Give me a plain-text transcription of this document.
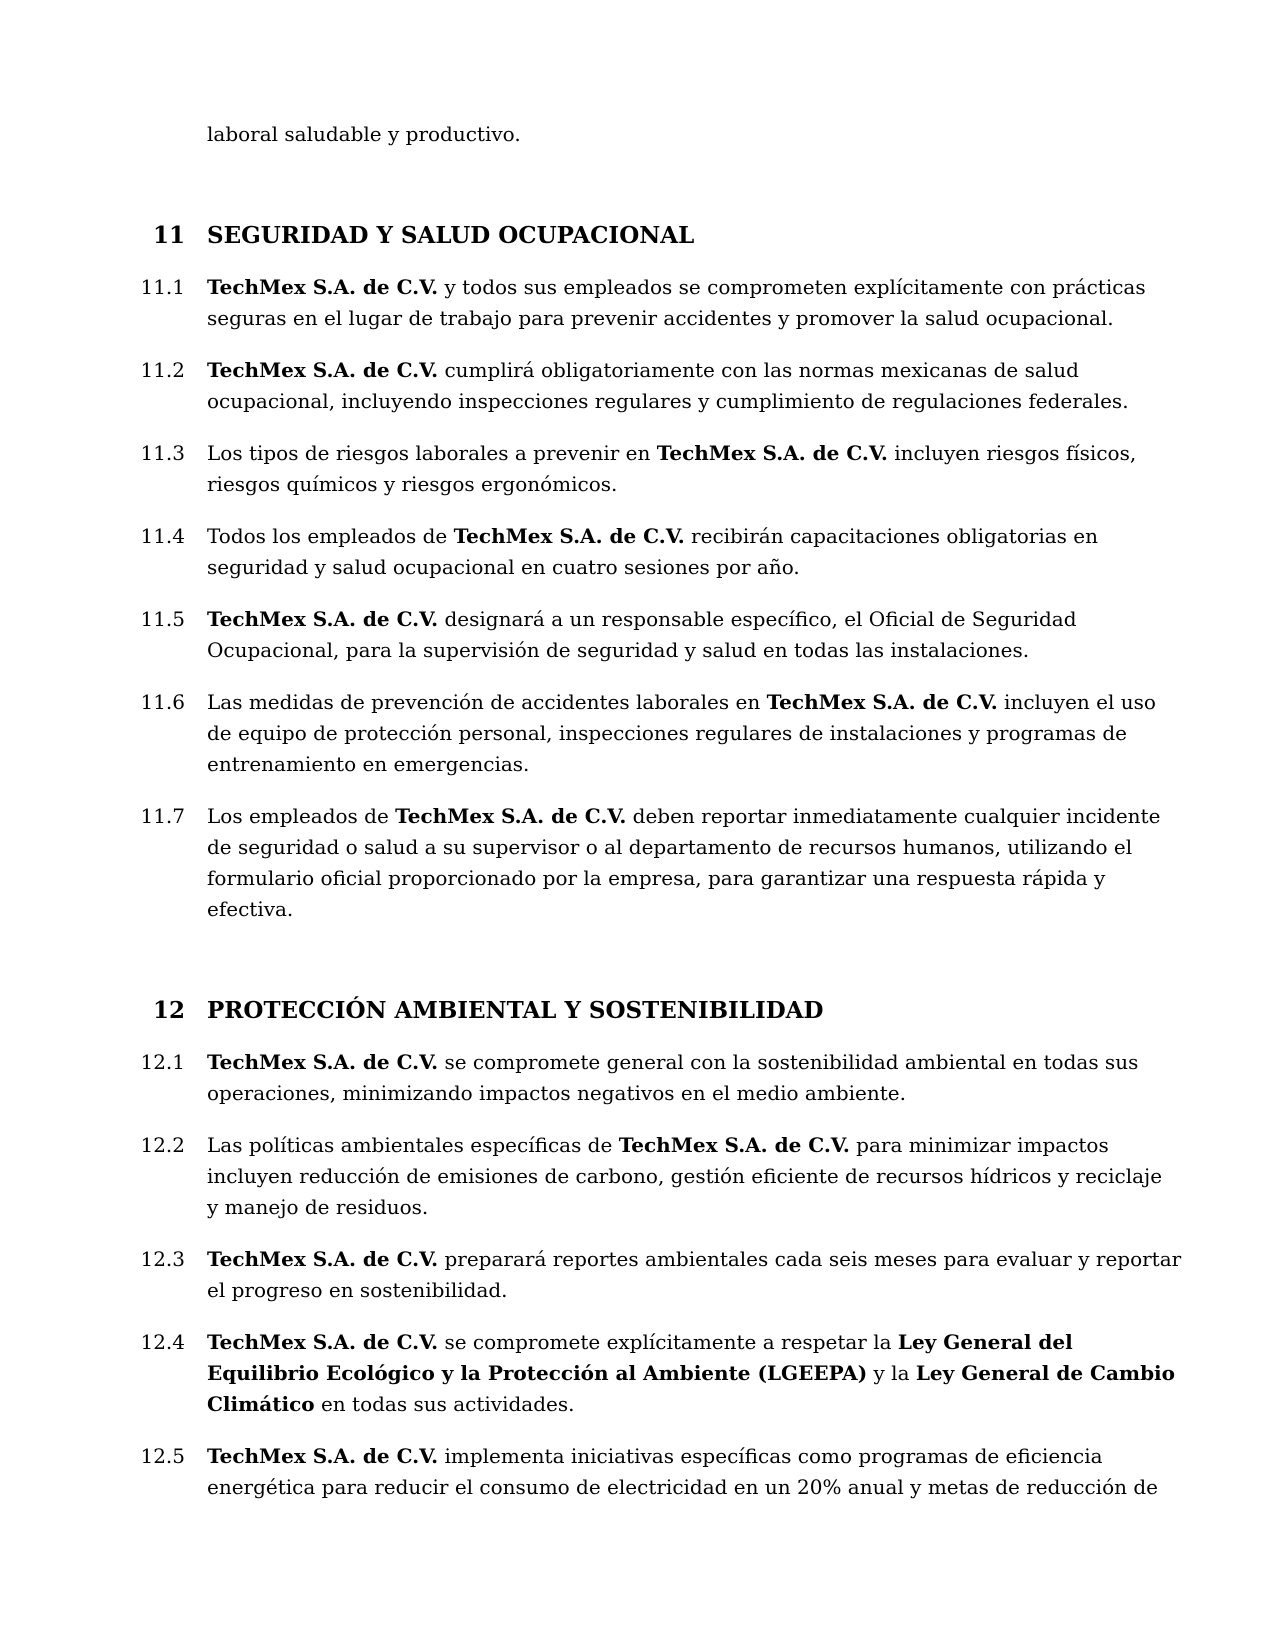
laboral saludable y productivo.
11 SEGURIDAD Y SALUD OCUPACIONAL
11.1 TechMex S.A. de C.V. y todos sus empleados se comprometen explícitamente con prácticas
seguras en el lugar de trabajo para prevenir accidentes y promover la salud ocupacional.
11.2 TechMex S.A. de C.V. cumplirá obligatoriamente con las normas mexicanas de salud
ocupacional, incluyendo inspecciones regulares y cumplimiento de regulaciones federales.
11.3 Los tipos de riesgos laborales a prevenir en TechMex S.A. de C.V. incluyen riesgos físicos,
riesgos químicos y riesgos ergonómicos.
11.4 Todos los empleados de TechMex S.A. de C.V. recibirán capacitaciones obligatorias en
seguridad y salud ocupacional en cuatro sesiones por año.
11.5 TechMex S.A. de C.V. designará a un responsable específico, el Oficial de Seguridad
Ocupacional, para la supervisión de seguridad y salud en todas las instalaciones.
11.6 Las medidas de prevención de accidentes laborales en TechMex S.A. de C.V. incluyen el uso
de equipo de protección personal, inspecciones regulares de instalaciones y programas de
entrenamiento en emergencias.
11.7 Los empleados de TechMex S.A. de C.V. deben reportar inmediatamente cualquier incidente
de seguridad o salud a su supervisor o al departamento de recursos humanos, utilizando el
formulario oficial proporcionado por la empresa, para garantizar una respuesta rápida y
efectiva.
12 PROTECCIÓN AMBIENTAL Y SOSTENIBILIDAD
12.1 TechMex S.A. de C.V. se compromete general con la sostenibilidad ambiental en todas sus
operaciones, minimizando impactos negativos en el medio ambiente.
12.2 Las políticas ambientales específicas de TechMex S.A. de C.V. para minimizar impactos
incluyen reducción de emisiones de carbono, gestión eficiente de recursos hídricos y reciclaje
y manejo de residuos.
12.3 TechMex S.A. de C.V. preparará reportes ambientales cada seis meses para evaluar y reportar
el progreso en sostenibilidad.
12.4 TechMex S.A. de C.V. se compromete explícitamente a respetar la Ley General del
Equilibrio Ecológico y la Protección al Ambiente (LGEEPA) y la Ley General de Cambio
Climático en todas sus actividades.
12.5 TechMex S.A. de C.V. implementa iniciativas específicas como programas de eficiencia
energética para reducir el consumo de electricidad en un 20% anual y metas de reducción de
